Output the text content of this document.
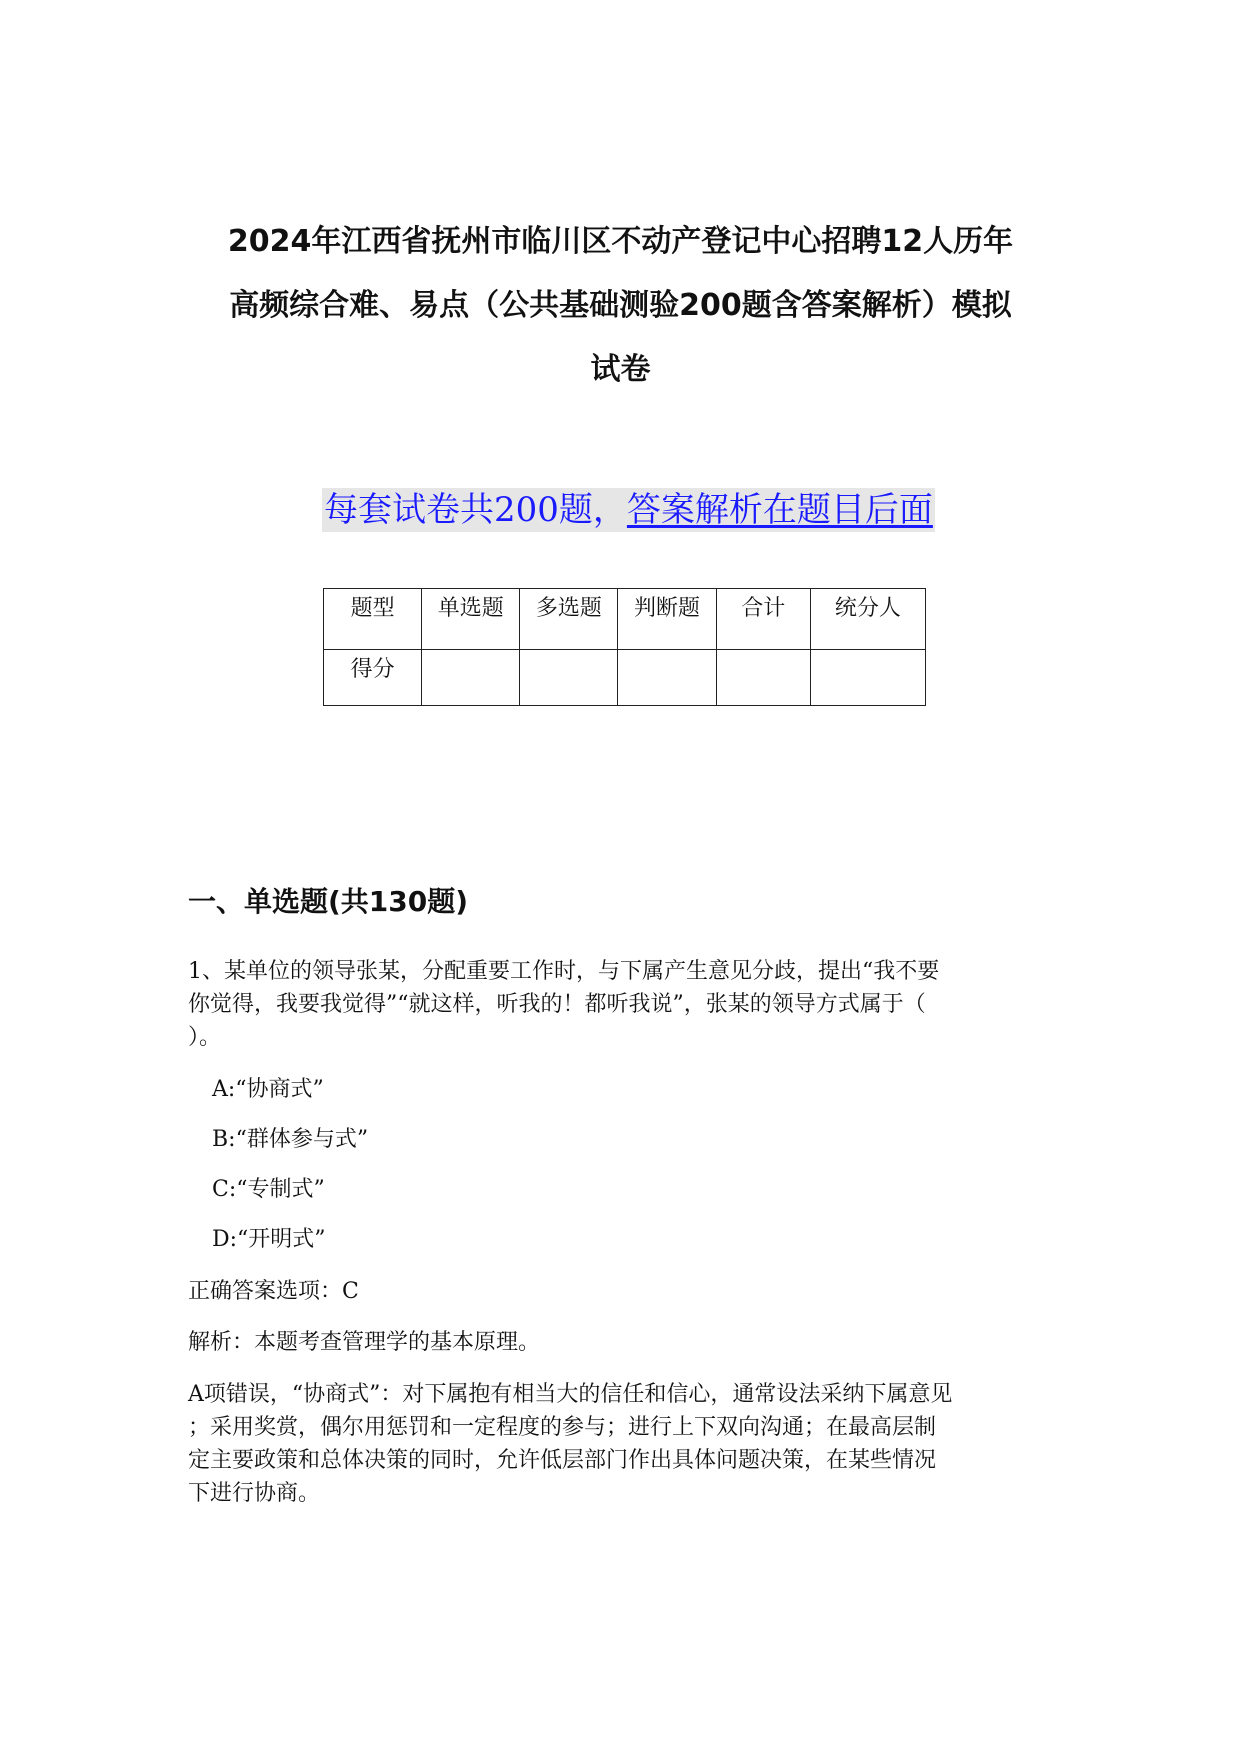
2024年江西省抚州市临川区不动产登记中心招聘12人历年
高频综合难、易点（公共基础测验200题含答案解析）模拟
试卷
每套试卷共200题，答案解析在题目后面
题型	单选题	多选题	判断题	合计	统分人
得分					
一、单选题(共130题)
1、某单位的领导张某，分配重要工作时，与下属产生意见分歧，提出“我不要
你觉得，我要我觉得”“就这样，听我的！都听我说”，张某的领导方式属于（
）。
A:“协商式”
B:“群体参与式”
C:“专制式”
D:“开明式”
正确答案选项：C
解析：本题考查管理学的基本原理。
A项错误，“协商式”：对下属抱有相当大的信任和信心，通常设法采纳下属意见
；采用奖赏，偶尔用惩罚和一定程度的参与；进行上下双向沟通；在最高层制
定主要政策和总体决策的同时，允许低层部门作出具体问题决策，在某些情况
下进行协商。
